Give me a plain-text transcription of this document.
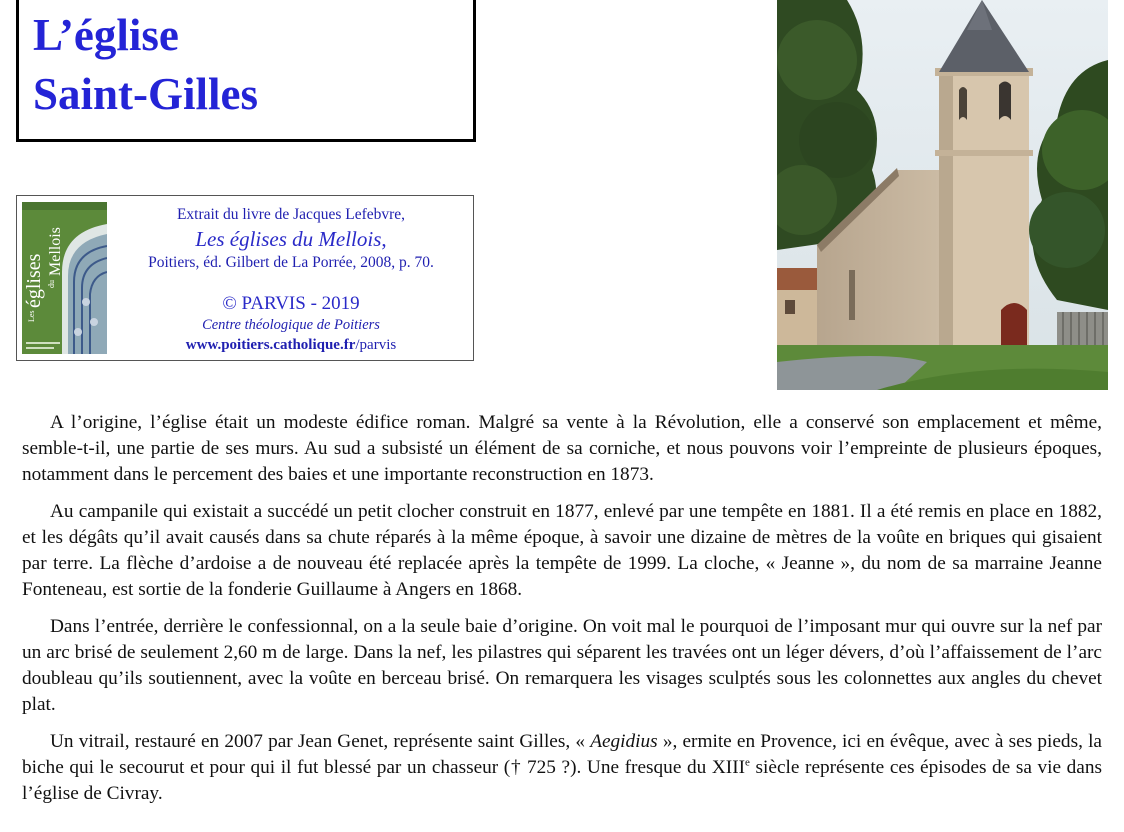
L’église
Saint-Gilles
Les
églises du
Mellois
Extrait du livre de Jacques Lefebvre,
Les églises du Mellois,
Poitiers, éd. Gilbert de La Porrée, 2008, p. 70.
© PARVIS - 2019
Centre théologique de Poitiers
www.poitiers.catholique.fr/parvis

A l’origine, l’église était un modeste édifice roman. Malgré sa vente à la Révolution, elle a conservé son emplacement et même, semble-t-il, une partie de ses murs. Au sud a subsisté un élément de sa corniche, et nous pouvons voir l’empreinte de plusieurs époques, notamment dans le percement des baies et une importante reconstruction en 1873.

Au campanile qui existait a succédé un petit clocher construit en 1877, enlevé par une tempête en 1881. Il a été remis en place en 1882, et les dégâts qu’il avait causés dans sa chute réparés à la même époque, à savoir une dizaine de mètres de la voûte en briques qui gisaient par terre. La flèche d’ardoise a de nouveau été replacée après la tempête de 1999. La cloche, « Jeanne », du nom de sa marraine Jeanne Fonteneau, est sortie de la fonderie Guillaume à Angers en 1868.

Dans l’entrée, derrière le confessionnal, on a la seule baie d’origine. On voit mal le pourquoi de l’imposant mur qui ouvre sur la nef par un arc brisé de seulement 2,60 m de large. Dans la nef, les pilastres qui séparent les travées ont un léger dévers, d’où l’affaissement de l’arc doubleau qu’ils soutiennent, avec la voûte en berceau brisé. On remarquera les visages sculptés sous les colonnettes aux angles du chevet plat.

Un vitrail, restauré en 2007 par Jean Genet, représente saint Gilles, « Aegidius », ermite en Provence, ici en évêque, avec à ses pieds, la biche qui le secourut et pour qui il fut blessé par un chasseur († 725 ?). Une fresque du XIIIe siècle représente ces épisodes de sa vie dans l’église de Civray.
